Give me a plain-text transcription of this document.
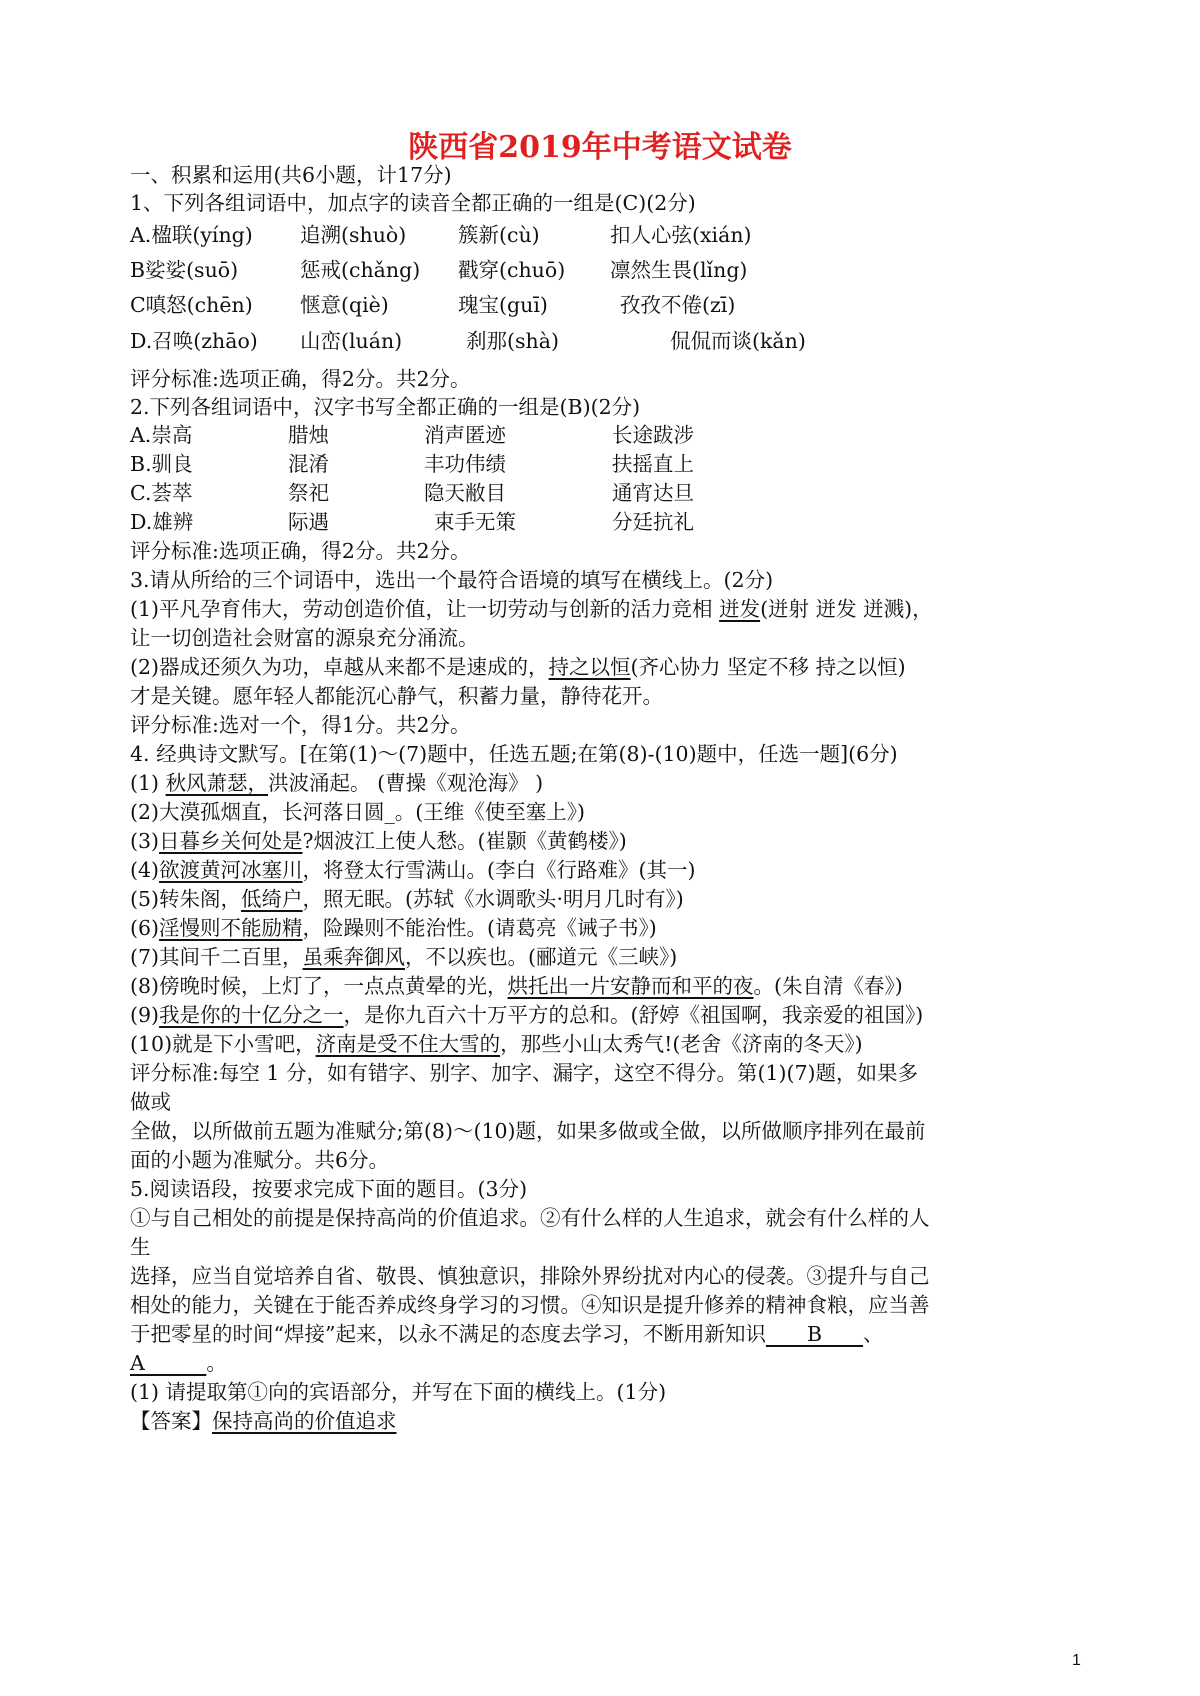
陕西省2019年中考语文试卷
一、积累和运用(共6小题，计17分)
1、下列各组词语中，加点字的读音全都正确的一组是(C)(2分)
A.楹联(yíng) 追溯(shuò)	簇新(cù)	扣人心弦(xián)
B娑娑(suō)	惩戒(chǎng) 戳穿(chuō) 凛然生畏(lǐng)
C嗔怒(chēn) 惬意(qiè)	瑰宝(guī)	孜孜不倦(zī)
D.召唤(zhāo) 山峦(luán)	刹那(shà)	侃侃而谈(kǎn)
评分标准:选项正确，得2分。共2分。
2.下列各组词语中，汉字书写全都正确的一组是(B)(2分)
A.崇高	腊烛	消声匿迹	长途跋涉
B.驯良	混淆	丰功伟绩	扶摇直上
C.荟萃	祭祀	隐天敝目	通宵达旦
D.雄辨	际遇	束手无策	分廷抗礼
评分标准:选项正确，得2分。共2分。
3.请从所给的三个词语中，选出一个最符合语境的填写在横线上。(2分)
(1)平凡孕育伟大，劳动创造价值，让一切劳动与创新的活力竞相 迸发(迸射 迸发 迸溅)，
让一切创造社会财富的源泉充分涌流。
(2)器成还须久为功，卓越从来都不是速成的，持之以恒(齐心协力 坚定不移 持之以恒)
才是关键。愿年轻人都能沉心静气，积蓄力量，静待花开。
评分标准:选对一个，得1分。共2分。
4. 经典诗文默写。[在第(1)～(7)题中，任选五题;在第(8)-(10)题中，任选一题](6分)
(1) 秋风萧瑟，洪波涌起。 (曹操《观沧海》 )
(2)大漠孤烟直，长河落日圆_。(王维《使至塞上》)
(3)日暮乡关何处是?烟波江上使人愁。(崔颢《黄鹤楼》)
(4)欲渡黄河冰塞川，将登太行雪满山。(李白《行路难》(其一)
(5)转朱阁，低绮户，照无眠。(苏轼《水调歌头·明月几时有》)
(6)淫慢则不能励精，险躁则不能治性。(请葛亮《诫子书》)
(7)其间千二百里，虽乘奔御风，不以疾也。(郦道元《三峡》)
(8)傍晚时候，上灯了，一点点黄晕的光，烘托出一片安静而和平的夜。(朱自清《春》)
(9)我是你的十亿分之一，是你九百六十万平方的总和。(舒婷《祖国啊，我亲爱的祖国》)
(10)就是下小雪吧，济南是受不住大雪的，那些小山太秀气!(老舍《济南的冬天》)
评分标准:每空 1 分，如有错字、别字、加字、漏字，这空不得分。第(1)(7)题，如果多
做或
全做，以所做前五题为准赋分;第(8)～(10)题，如果多做或全做，以所做顺序排列在最前
面的小题为准赋分。共6分。
5.阅读语段，按要求完成下面的题目。(3分)
①与自己相处的前提是保持高尚的价值追求。②有什么样的人生追求，就会有什么样的人
生
选择，应当自觉培养自省、敬畏、慎独意识，排除外界纷扰对内心的侵袭。③提升与自己
相处的能力，关键在于能否养成终身学习的习惯。④知识是提升修养的精神食粮，应当善
于把零星的时间“焊接”起来，以永不满足的态度去学习，不断用新知识____B____、
A______。
(1) 请提取第①向的宾语部分，并写在下面的横线上。(1分)
【答案】保持高尚的价值追求
1
